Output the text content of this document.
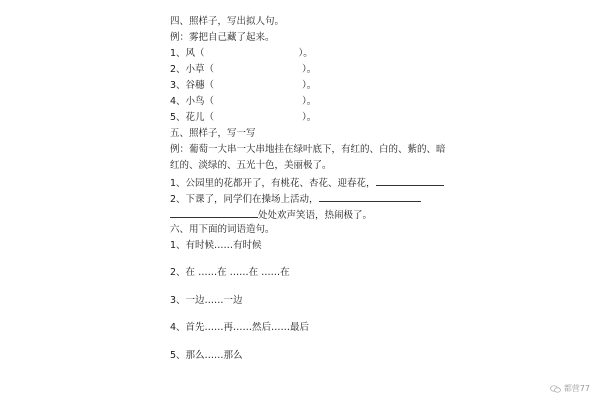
四、照样子，写出拟人句。
例：雾把自己藏了起来。
1、风（	）。
2、小草（	）。
3、谷穗（	）。
4、小鸟（	）。
5、花儿（	）。
五、照样子，写一写
例：葡萄一大串一大串地挂在绿叶底下，有红的、白的、紫的、暗
红的、淡绿的、五光十色，美丽极了。
1、公园里的花都开了，有桃花、杏花、迎春花，
2、下课了，同学们在操场上活动，
处处欢声笑语，热闹极了。
六、用下面的词语造句。
1、有时候……有时候
2、在 ……在 ……在 ……在
3、一边……一边
4、首先……再……然后……最后
5、那么……那么
都营77
